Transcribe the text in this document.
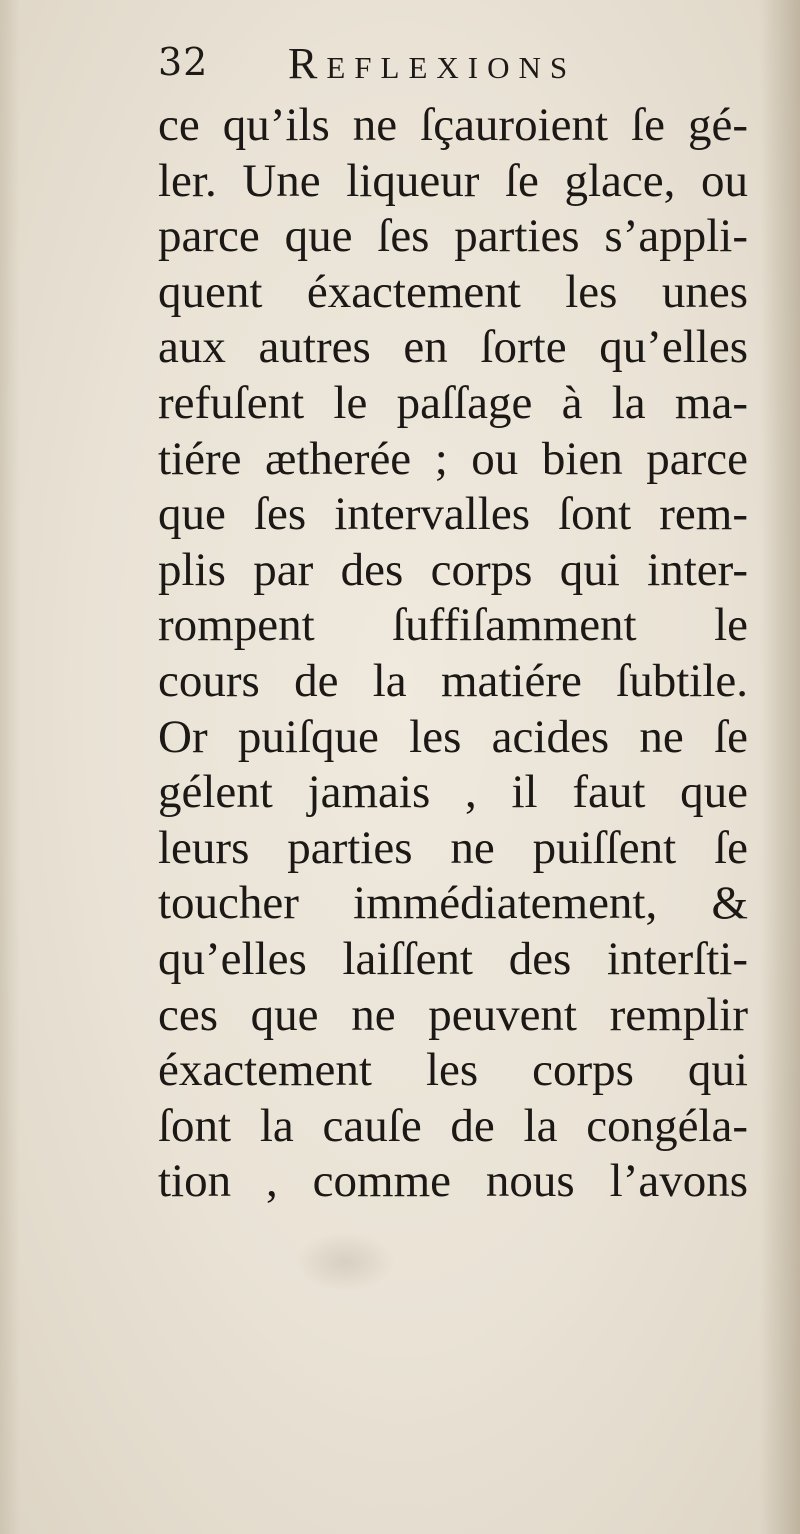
32 Reflexions
ce qu’ils ne ſçauroient ſe gé-
ler. Une liqueur ſe glace, ou
parce que ſes parties s’appli-
quent éxactement les unes
aux autres en ſorte qu’elles
refuſent le paſſage à la ma-
tiére ætherée ; ou bien parce
que ſes intervalles ſont rem-
plis par des corps qui inter-
rompent ſuffiſamment le
cours de la matiére ſubtile.
Or puiſque les acides ne ſe
gélent jamais , il faut que
leurs parties ne puiſſent ſe
toucher immédiatement, &
qu’elles laiſſent des interſti-
ces que ne peuvent remplir
éxactement les corps qui
ſont la cauſe de la congéla-
tion , comme nous l’avons
